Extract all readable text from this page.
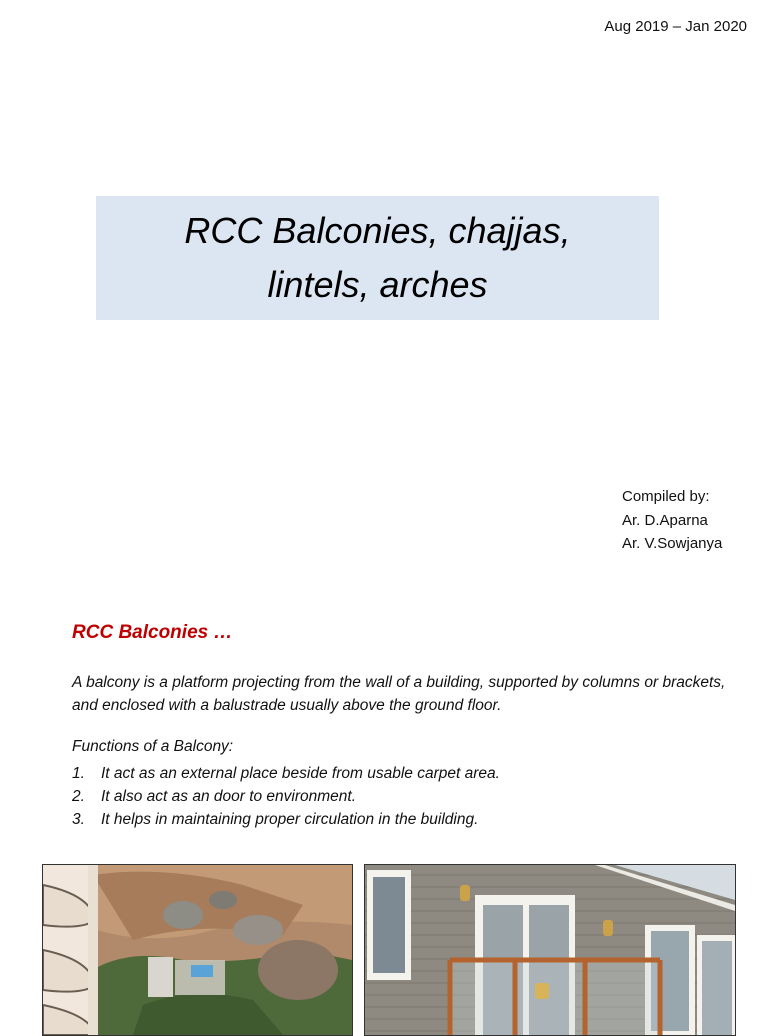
Aug 2019 – Jan 2020
RCC Balconies, chajjas,
lintels, arches
Compiled by:
Ar. D.Aparna
Ar. V.Sowjanya
RCC Balconies …
A balcony is a platform projecting from the wall of a building, supported by columns or brackets, and enclosed with a balustrade usually above the ground floor.
Functions of a Balcony:
1.	It act as an external place beside from usable carpet area.
2.	It also act as an door to environment.
3.	It helps in maintaining proper circulation in the building.
